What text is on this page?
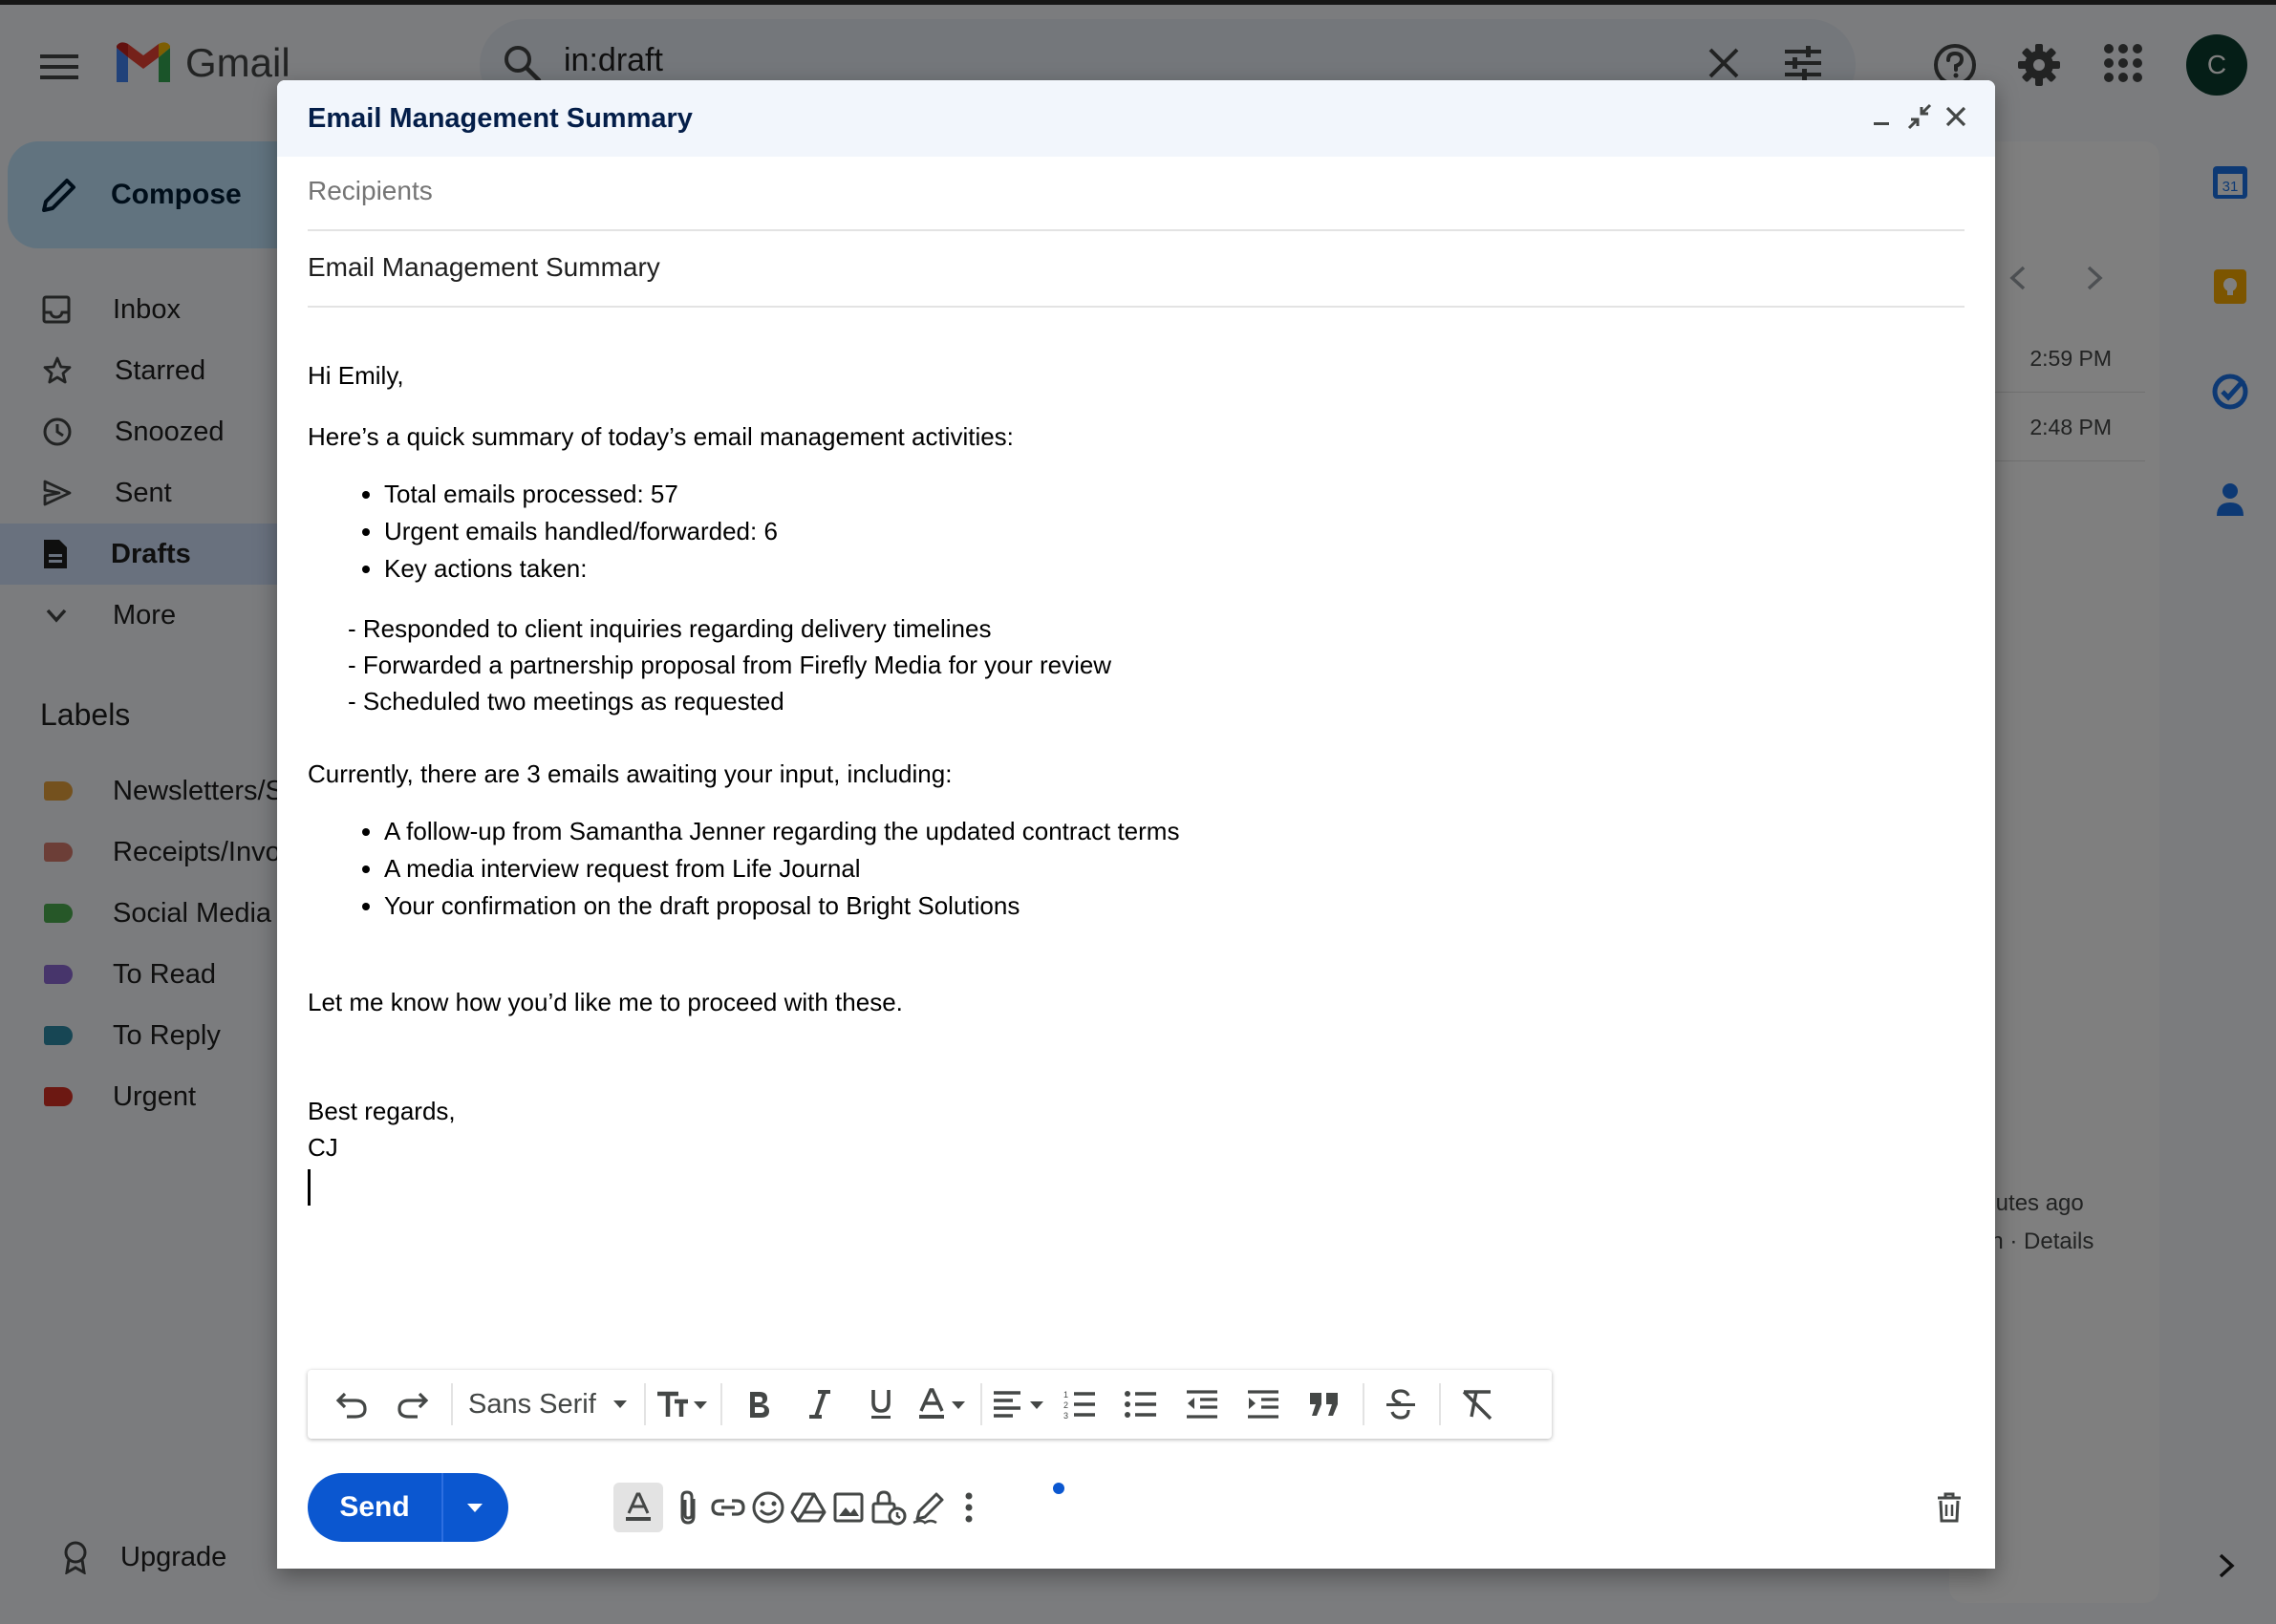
Email Management Summary
Recipients
Email Management Summary

Hi Emily,

Here’s a quick summary of today’s email management activities:

• Total emails processed: 57
• Urgent emails handled/forwarded: 6
• Key actions taken:

- Responded to client inquiries regarding delivery timelines

- Forwarded a partnership proposal from Firefly Media for your review

- Scheduled two meetings as requested

Currently, there are 3 emails awaiting your input, including:

• A follow-up from Samantha Jenner regarding the updated contract terms
• A media interview request from Life Journal
• Your confirmation on the draft proposal to Bright Solutions

Let me know how you’d like me to proceed with these.

Best regards,

CJ

Sans Serif	1
2
3
Send
